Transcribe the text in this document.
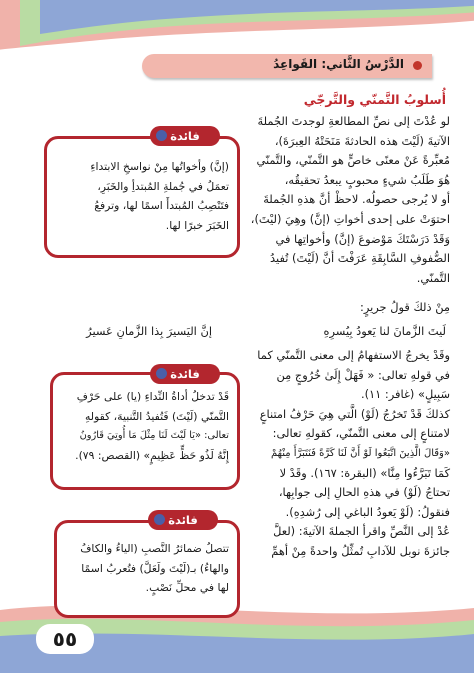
الدَّرْسُ الثَّاني: القَواعِدُ
أُسلوبُ التَّمنّي والتَّرجّي
لو عُدْتَ إلى نصِّ المطالعةِ لوجدتَ الجُملةَ
الآتيةَ (لَيْتَ هذه الحادثةَ مَنَحَتْهُ العِبرَةَ)،
مُعبِّرةً عَنْ معنًى خاصٍّ هو التَّمنّي، والتَّمنّي
هُوَ طَلَبُ شيءٍ محبوبٍ يبعدُ تحقيقُه،
أو لا يُرجى حصولُه. لاحظْ أنَّ هذهِ الجُملةَ
احتوَتْ على إحدى أخواتِ (إنَّ) وهِيَ (ليْتَ)،
وَقَدْ دَرَسْتَكَ مَوْضوعَ (إنَّ) وأخواتِها في
الصُّفوفِ السَّابِقَةِ عَرَفْتَ أنَّ (لَيْتَ) تُفيدُ
التَّمنّي.
مِنْ ذلكَ قولُ جريرٍ:
لَيتَ الزَّمانَ لنا يَعودُ بِيُسرِهِ
إنَّ اليَسيرَ بِذا الزَّمانِ عَسيرُ
وقَدْ يخرجُ الاستفهامُ إلى معنى التَّمنّي كما
في قولهِ تعالى: « فَهَلْ إِلَىٰ خُرُوجٍ مِن
سَبِيلٍ» (غافر: ١١).
كذلكَ قَدْ تَخرُجُ (لَوْ) الَّتي هِيَ حَرْفُ امتناعٍ
لامتناعٍ إلى معنى التَّمنّي، كقولهِ تعالى:
«وَقَالَ الَّذِينَ اتَّبَعُوا لَوْ أَنَّ لَنَا كَرَّةً فَنَتَبَرَّأَ مِنْهُمْ
كَمَا تَبَرَّءُوا مِنَّا» (البقرة: ١٦٧). وقَدْ لا
تحتاجُ (لَوْ) في هذهِ الحالِ إلى جوابِها،
فنقولُ: (لَوْ يَعودُ الباغي إلى رُشدِهِ).
عُدْ إلى النَّصِّ واقرأ الجملةَ الآتيةَ: (لعلَّ
جائزةَ نوبل للآدابِ تُمثِّلُ واحدةً مِنْ أهمِّ
(إنَّ) وأخواتُها مِنْ نواسخِ الابتداءِ
تعمَلُ في جُملةِ المُبتدأِ والخَبَرِ،
فتَنْصِبُ المُبتدأَ اسمًا لها، وترفعُ
الخَبَرَ خبرًا لها.
فائدة
قَدْ تدخلُ أداةُ النِّداءِ (يا) على حَرْفِ
التَّمنّي (لَيْتَ) فَتُفيدُ التَّنبيهَ، كقولهِ
تعالى: «يَا لَيْتَ لَنَا مِثْلَ مَا أُوتِيَ قَارُونُ
إِنَّهُ لَذُو حَظٍّ عَظِيمٍ» (القصص: ٧٩).
فائدة
تتصلُ ضمائرُ النَّصبِ (الياءُ والكافُ
والهاءُ) بـ(لَيْتَ ولَعَلَّ) فتُعربُ اسمًا
لها في محلِّ نَصْبٍ.
فائدة
٥٥
